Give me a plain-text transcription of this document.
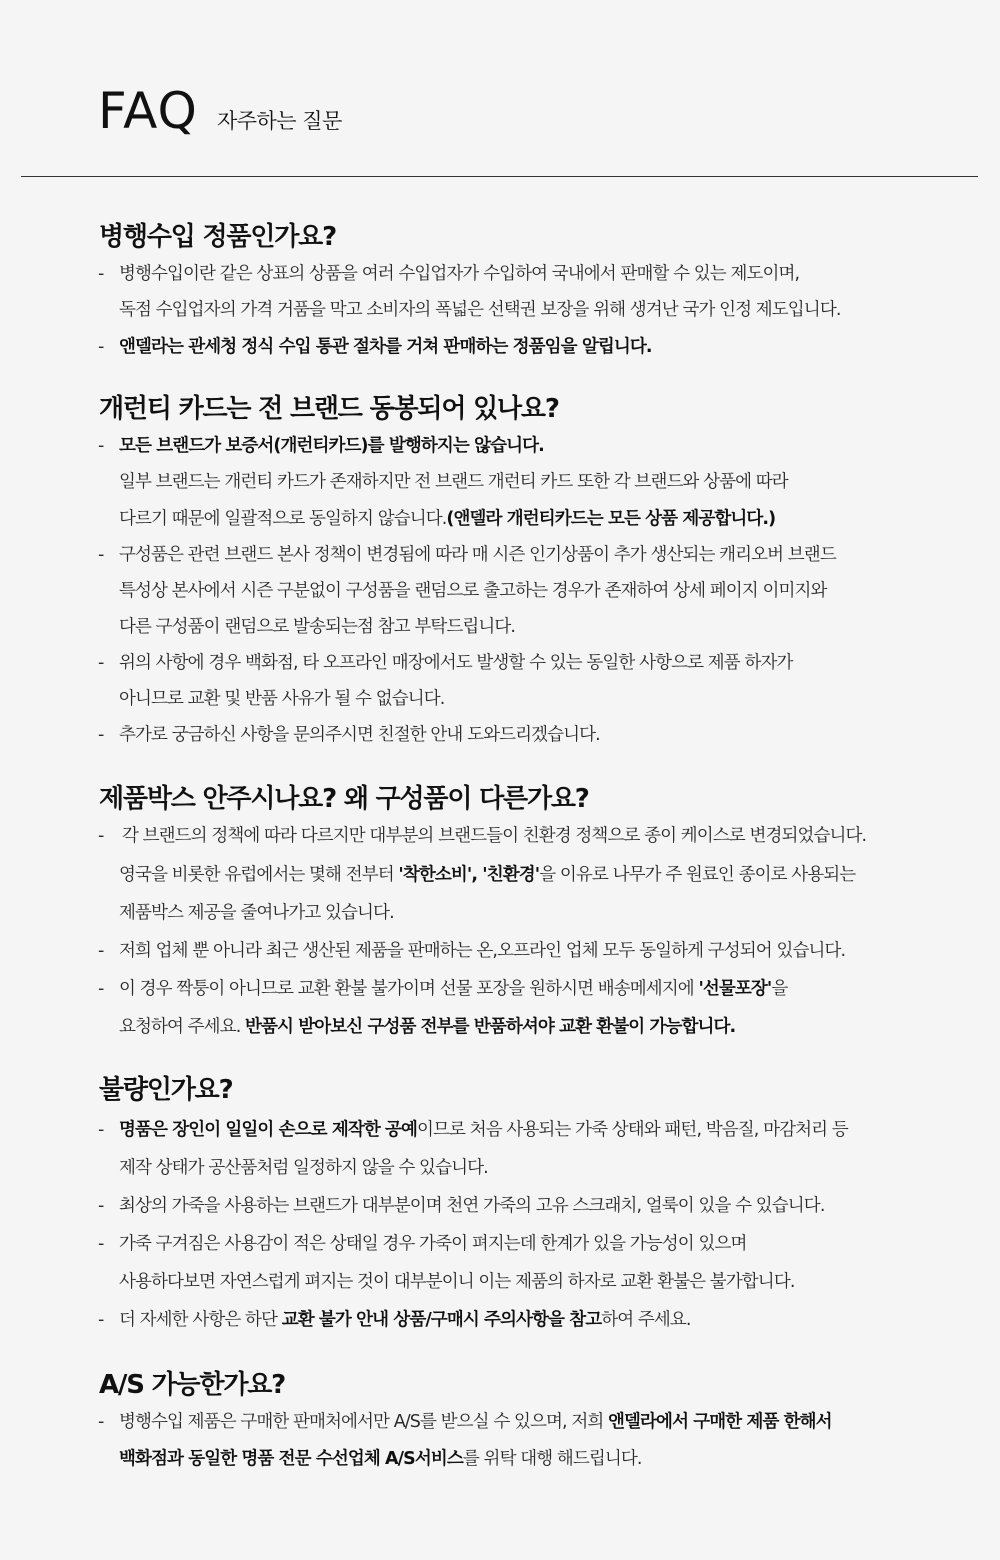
FAQ 자주하는 질문
병행수입 정품인가요?
- 병행수입이란 같은 상표의 상품을 여러 수입업자가 수입하여 국내에서 판매할 수 있는 제도이며,
독점 수입업자의 가격 거품을 막고 소비자의 폭넓은 선택권 보장을 위해 생겨난 국가 인정 제도입니다.
- 앤델라는 관세청 정식 수입 통관 절차를 거쳐 판매하는 정품임을 알립니다.
개런티 카드는 전 브랜드 동봉되어 있나요?
- 모든 브랜드가 보증서(개런티카드)를 발행하지는 않습니다.
일부 브랜드는 개런티 카드가 존재하지만 전 브랜드 개런티 카드 또한 각 브랜드와 상품에 따라
다르기 때문에 일괄적으로 동일하지 않습니다.(앤델라 개런티카드는 모든 상품 제공합니다.)
- 구성품은 관련 브랜드 본사 정책이 변경됨에 따라 매 시즌 인기상품이 추가 생산되는 캐리오버 브랜드
특성상 본사에서 시즌 구분없이 구성품을 랜덤으로 출고하는 경우가 존재하여 상세 페이지 이미지와
다른 구성품이 랜덤으로 발송되는점 참고 부탁드립니다.
- 위의 사항에 경우 백화점, 타 오프라인 매장에서도 발생할 수 있는 동일한 사항으로 제품 하자가
아니므로 교환 및 반품 사유가 될 수 없습니다.
- 추가로 궁금하신 사항을 문의주시면 친절한 안내 도와드리겠습니다.
제품박스 안주시나요? 왜 구성품이 다른가요?
-	각 브랜드의 정책에 따라 다르지만 대부분의 브랜드들이 친환경 정책으로 종이 케이스로 변경되었습니다.
영국을 비롯한 유럽에서는 몇해 전부터 '착한소비', '친환경'을 이유로 나무가 주 원료인 종이로 사용되는
제품박스 제공을 줄여나가고 있습니다.
- 저희 업체 뿐 아니라 최근 생산된 제품을 판매하는 온,오프라인 업체 모두 동일하게 구성되어 있습니다.
- 이 경우 짝퉁이 아니므로 교환 환불 불가이며 선물 포장을 원하시면 배송메세지에 '선물포장'을
요청하여 주세요. 반품시 받아보신 구성품 전부를 반품하셔야 교환 환불이 가능합니다.
불량인가요?
- 명품은 장인이 일일이 손으로 제작한 공예이므로 처음 사용되는 가죽 상태와 패턴, 박음질, 마감처리 등
제작 상태가 공산품처럼 일정하지 않을 수 있습니다.
- 최상의 가죽을 사용하는 브랜드가 대부분이며 천연 가죽의 고유 스크래치, 얼룩이 있을 수 있습니다.
- 가죽 구겨짐은 사용감이 적은 상태일 경우 가죽이 펴지는데 한계가 있을 가능성이 있으며
사용하다보면 자연스럽게 펴지는 것이 대부분이니 이는 제품의 하자로 교환 환불은 불가합니다.
- 더 자세한 사항은 하단 교환 불가 안내 상품/구매시 주의사항을 참고하여 주세요.
A/S 가능한가요?
- 병행수입 제품은 구매한 판매처에서만 A/S를 받으실 수 있으며, 저희 앤델라에서 구매한 제품 한해서
백화점과 동일한 명품 전문 수선업체 A/S서비스를 위탁 대행 해드립니다.
